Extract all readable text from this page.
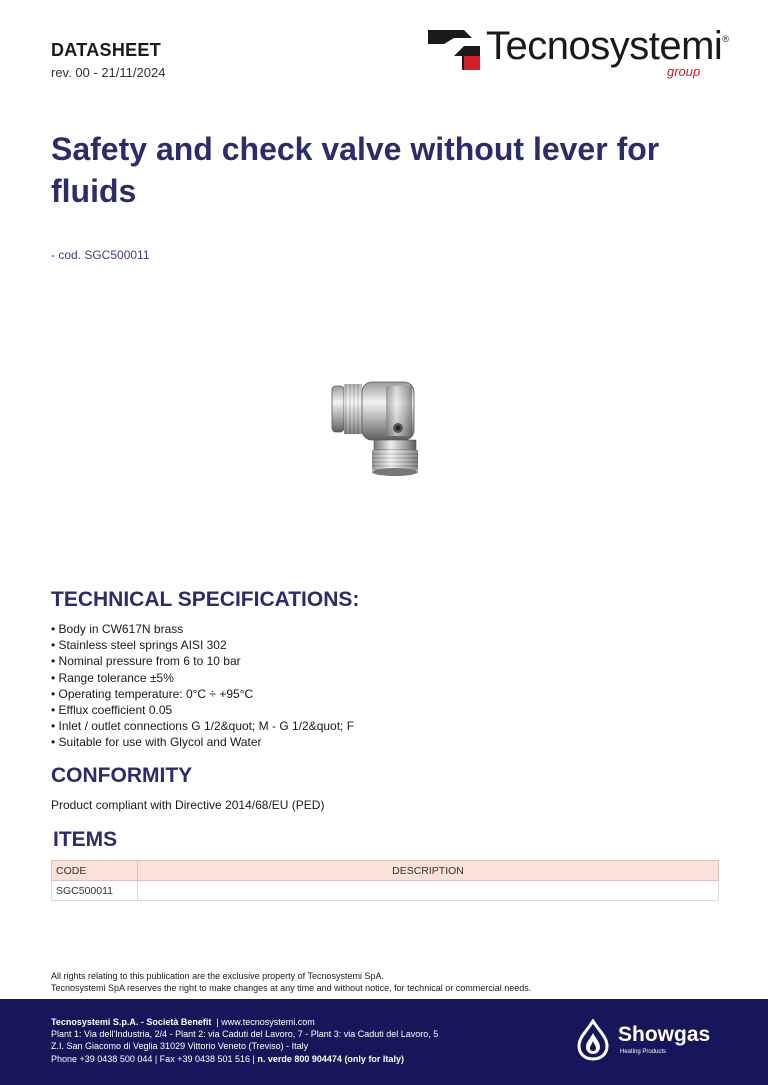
DATASHEET
rev. 00 - 21/11/2024
Tecnosystemi®
group
Safety and check valve without lever for fluids
- cod. SGC500011
TECHNICAL SPECIFICATIONS:
• Body in CW617N brass
• Stainless steel springs AISI 302
• Nominal pressure from 6 to 10 bar
• Range tolerance ±5%
• Operating temperature: 0°C ÷ +95°C
• Efflux coefficient 0.05
• Inlet / outlet connections G 1/2&quot; M - G 1/2&quot; F
• Suitable for use with Glycol and Water
CONFORMITY
Product compliant with Directive 2014/68/EU (PED)
ITEMS
CODE	DESCRIPTION
SGC500011	
All rights relating to this publication are the exclusive property of Tecnosystemi SpA.
Tecnosystemi SpA reserves the right to make changes at any time and without notice, for technical or commercial needs.
Tecnosystemi S.p.A. - Società Benefit | www.tecnosystemi.com
Plant 1: Via dell'Industria, 2/4 - Plant 2: via Caduti del Lavoro, 7 - Plant 3: via Caduti del Lavoro, 5
Z.I. San Giacomo di Veglia 31029 Vittorio Veneto (Treviso) - Italy
Phone +39 0438 500 044 | Fax +39 0438 501 516 | n. verde 800 904474 (only for Italy)
Showgas
Heating Products
